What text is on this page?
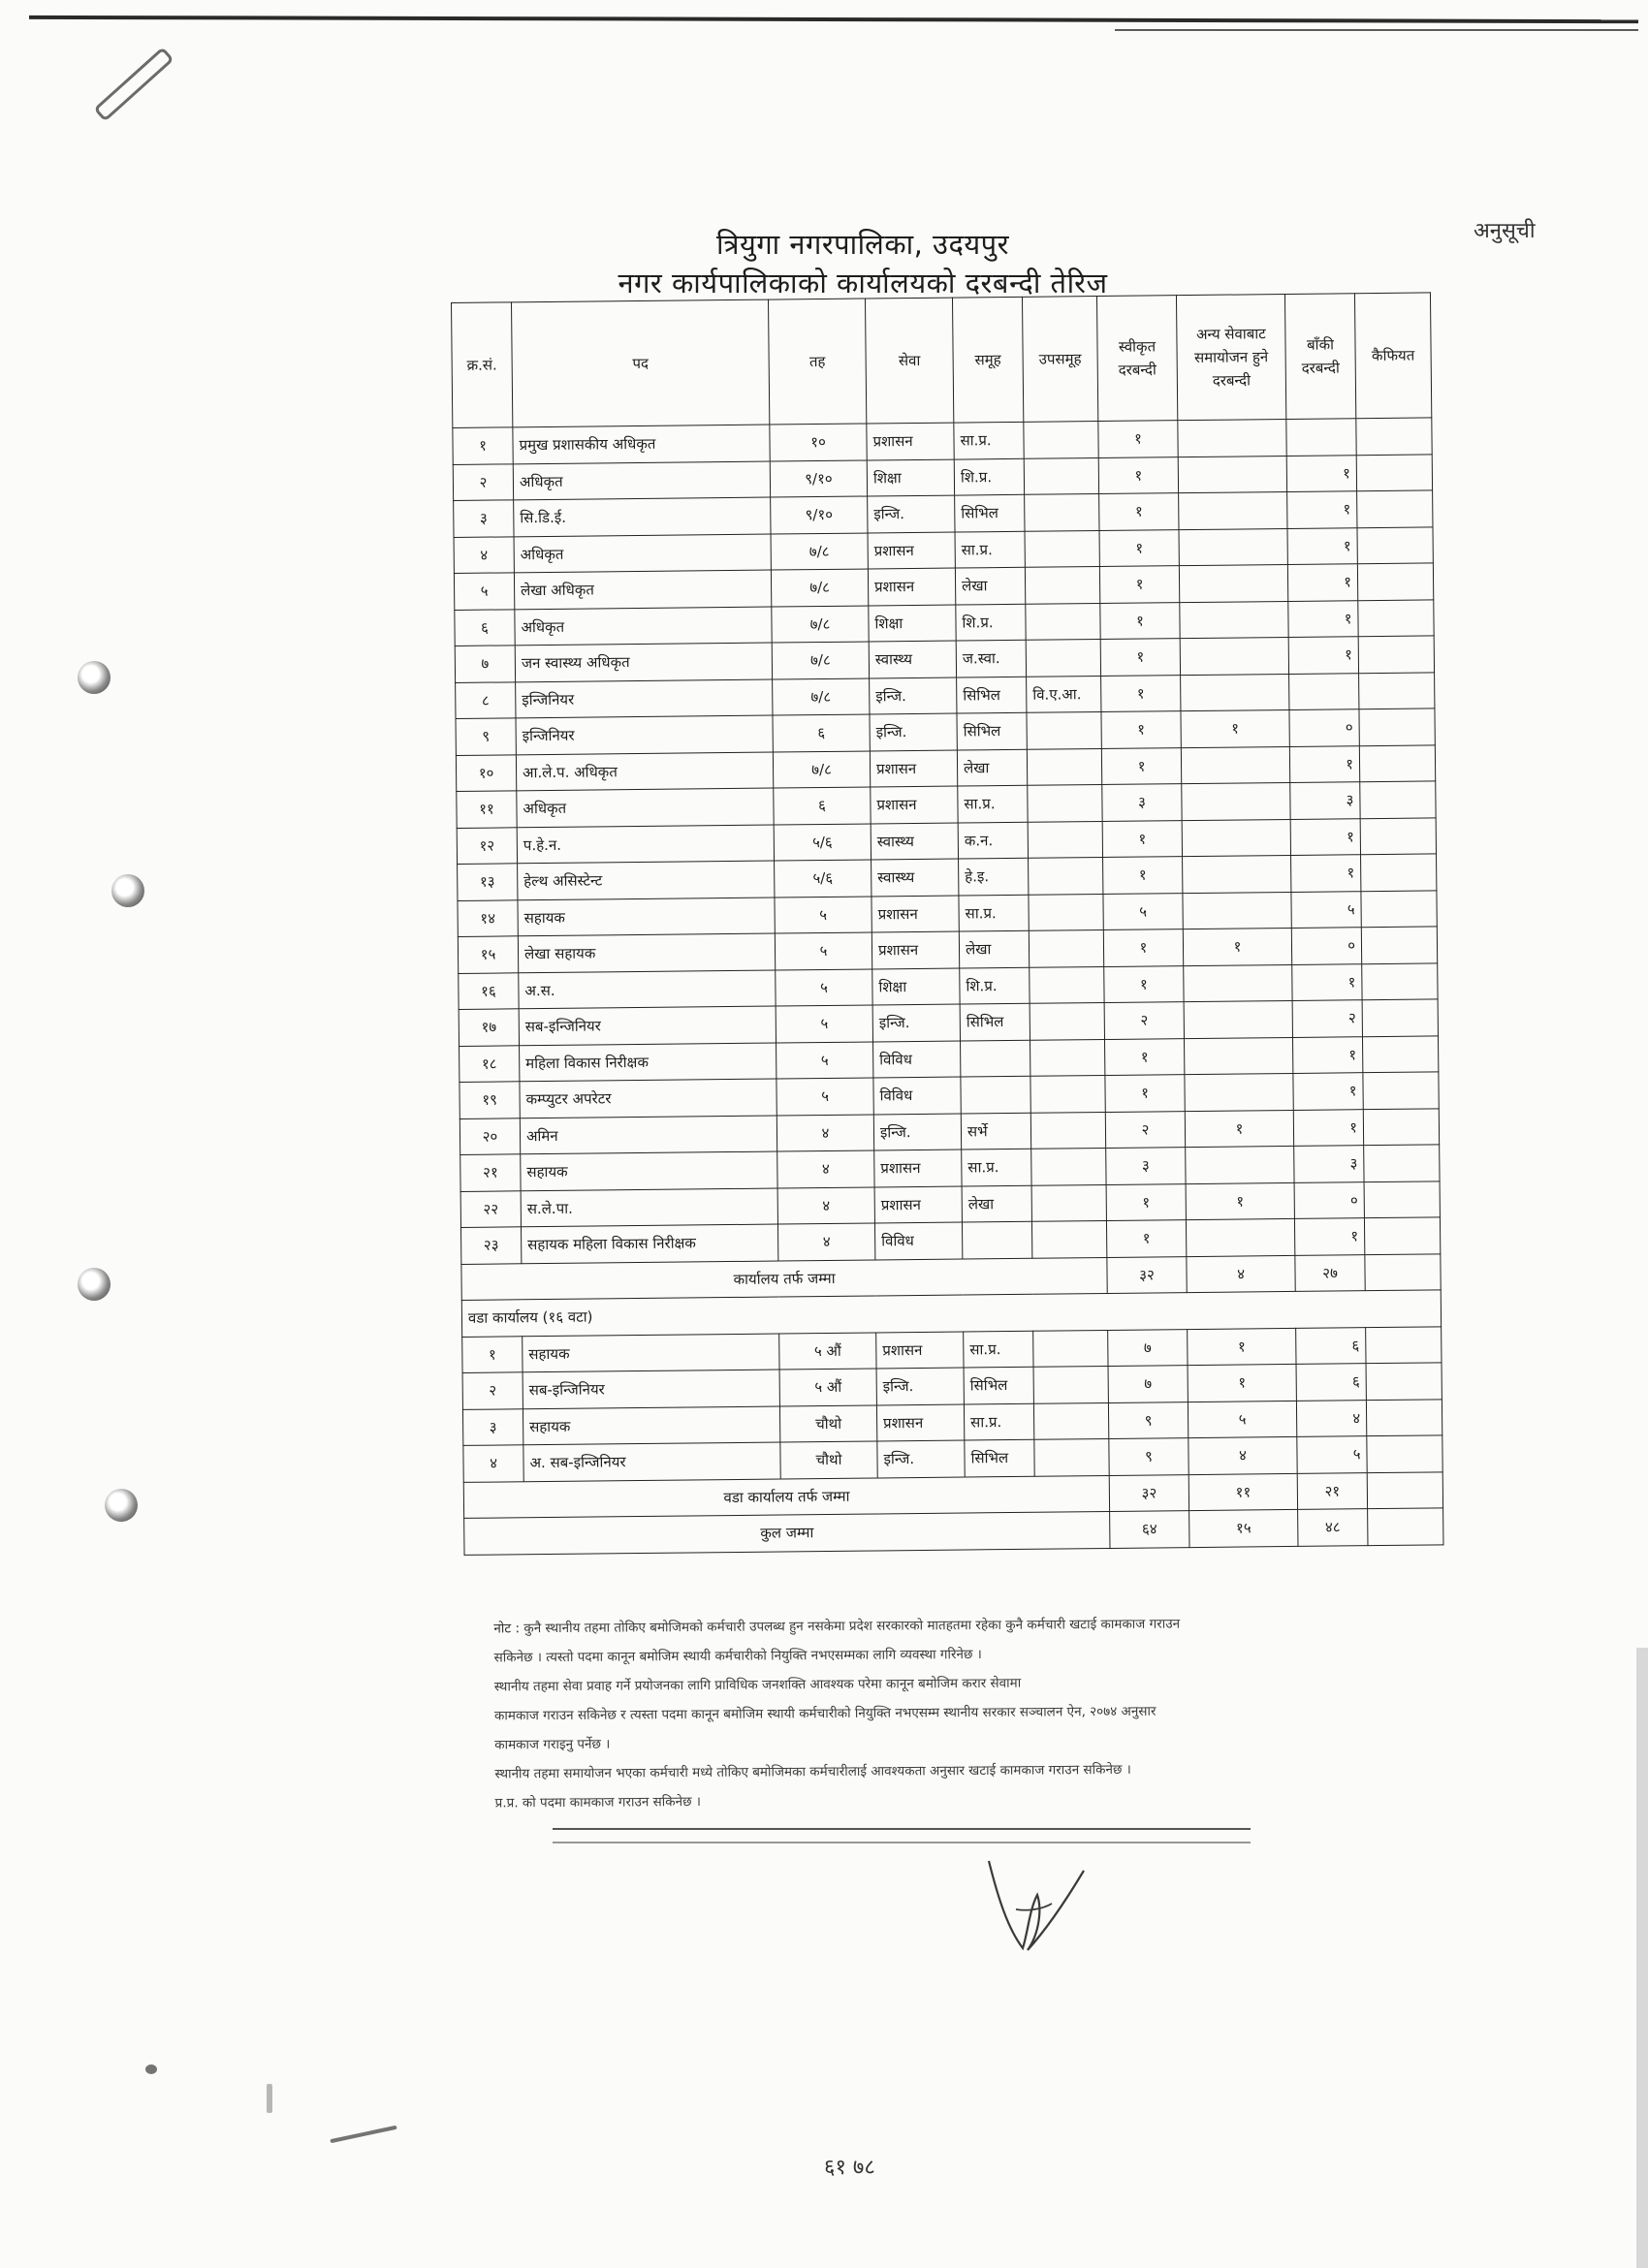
अनुसूची
त्रियुगा नगरपालिका, उदयपुर
नगर कार्यपालिकाको कार्यालयको दरबन्दी तेरिज
क्र.सं.	पद	तह	सेवा	समूह	उपसमूह	स्वीकृत दरबन्दी	अन्य सेवाबाट समायोजन हुने दरबन्दी	बाँकी दरबन्दी	कैफियत
१	प्रमुख प्रशासकीय अधिकृत	१०	प्रशासन	सा.प्र.		१			
२	अधिकृत	९/१०	शिक्षा	शि.प्र.		१		१	
३	सि.डि.ई.	९/१०	इन्जि.	सिभिल		१		१	
४	अधिकृत	७/८	प्रशासन	सा.प्र.		१		१	
५	लेखा अधिकृत	७/८	प्रशासन	लेखा		१		१	
६	अधिकृत	७/८	शिक्षा	शि.प्र.		१		१	
७	जन स्वास्थ्य अधिकृत	७/८	स्वास्थ्य	ज.स्वा.		१		१	
८	इन्जिनियर	७/८	इन्जि.	सिभिल	वि.ए.आ.	१			
९	इन्जिनियर	६	इन्जि.	सिभिल		१	१	०	
१०	आ.ले.प. अधिकृत	७/८	प्रशासन	लेखा		१		१	
११	अधिकृत	६	प्रशासन	सा.प्र.		३		३	
१२	प.हे.न.	५/६	स्वास्थ्य	क.न.		१		१	
१३	हेल्थ असिस्टेन्ट	५/६	स्वास्थ्य	हे.इ.		१		१	
१४	सहायक	५	प्रशासन	सा.प्र.		५		५	
१५	लेखा सहायक	५	प्रशासन	लेखा		१	१	०	
१६	अ.स.	५	शिक्षा	शि.प्र.		१		१	
१७	सब-इन्जिनियर	५	इन्जि.	सिभिल		२		२	
१८	महिला विकास निरीक्षक	५	विविध			१		१	
१९	कम्प्युटर अपरेटर	५	विविध			१		१	
२०	अमिन	४	इन्जि.	सर्भे		२	१	१	
२१	सहायक	४	प्रशासन	सा.प्र.		३		३	
२२	स.ले.पा.	४	प्रशासन	लेखा		१	१	०	
२३	सहायक महिला विकास निरीक्षक	४	विविध			१		१	
कार्यालय तर्फ जम्मा						३२	४	२७	
वडा कार्यालय (१६ वटा)									
१	सहायक	५ औं	प्रशासन	सा.प्र.		७	१	६	
२	सब-इन्जिनियर	५ औं	इन्जि.	सिभिल		७	१	६	
३	सहायक	चौथो	प्रशासन	सा.प्र.		९	५	४	
४	अ. सब-इन्जिनियर	चौथो	इन्जि.	सिभिल		९	४	५	
वडा कार्यालय तर्फ जम्मा						३२	११	२१	
कुल जम्मा						६४	१५	४८	
नोट : कुनै स्थानीय तहमा तोकिए बमोजिमको कर्मचारी उपलब्ध हुन नसकेमा प्रदेश सरकारको मातहतमा रहेका कुनै कर्मचारी खटाई कामकाज गराउन
सकिनेछ । त्यस्तो पदमा कानून बमोजिम स्थायी कर्मचारीको नियुक्ति नभएसम्मका लागि व्यवस्था गरिनेछ ।
स्थानीय तहमा सेवा प्रवाह गर्ने प्रयोजनका लागि प्राविधिक जनशक्ति आवश्यक परेमा कानून बमोजिम करार सेवामा
कामकाज गराउन सकिनेछ र त्यस्ता पदमा कानून बमोजिम स्थायी कर्मचारीको नियुक्ति नभएसम्म स्थानीय सरकार सञ्चालन ऐन, २०७४ अनुसार
कामकाज गराइनु पर्नेछ ।
स्थानीय तहमा समायोजन भएका कर्मचारी मध्ये तोकिए बमोजिमका कर्मचारीलाई आवश्यकता अनुसार खटाई कामकाज गराउन सकिनेछ ।
प्र.प्र. को पदमा कामकाज गराउन सकिनेछ ।
६१ ७८
